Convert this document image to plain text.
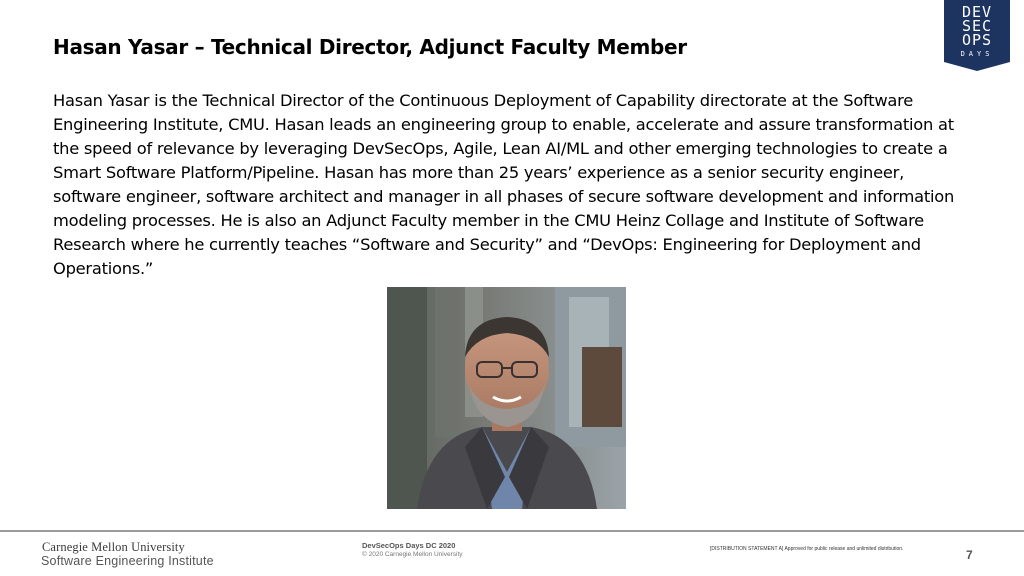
Hasan Yasar – Technical Director, Adjunct Faculty Member
Hasan Yasar is the Technical Director of the Continuous Deployment of Capability directorate at the Software Engineering Institute, CMU. Hasan leads an engineering group to enable, accelerate and assure transformation at the speed of relevance by leveraging DevSecOps, Agile, Lean AI/ML and other emerging technologies to create a Smart Software Platform/Pipeline. Hasan has more than 25 years’ experience as a senior security engineer, software engineer, software architect and manager in all phases of secure software development and information modeling processes. He is also an Adjunct Faculty member in the CMU Heinz Collage and Institute of Software Research where he currently teaches “Software and Security” and “DevOps: Engineering for Deployment and Operations.”
DEV
SEC
OPS
DAYS
Carnegie Mellon University
Software Engineering Institute
DevSecOps Days DC 2020
© 2020 Carnegie Mellon University
[DISTRIBUTION STATEMENT A] Approved for public release and unlimited distribution.	7
